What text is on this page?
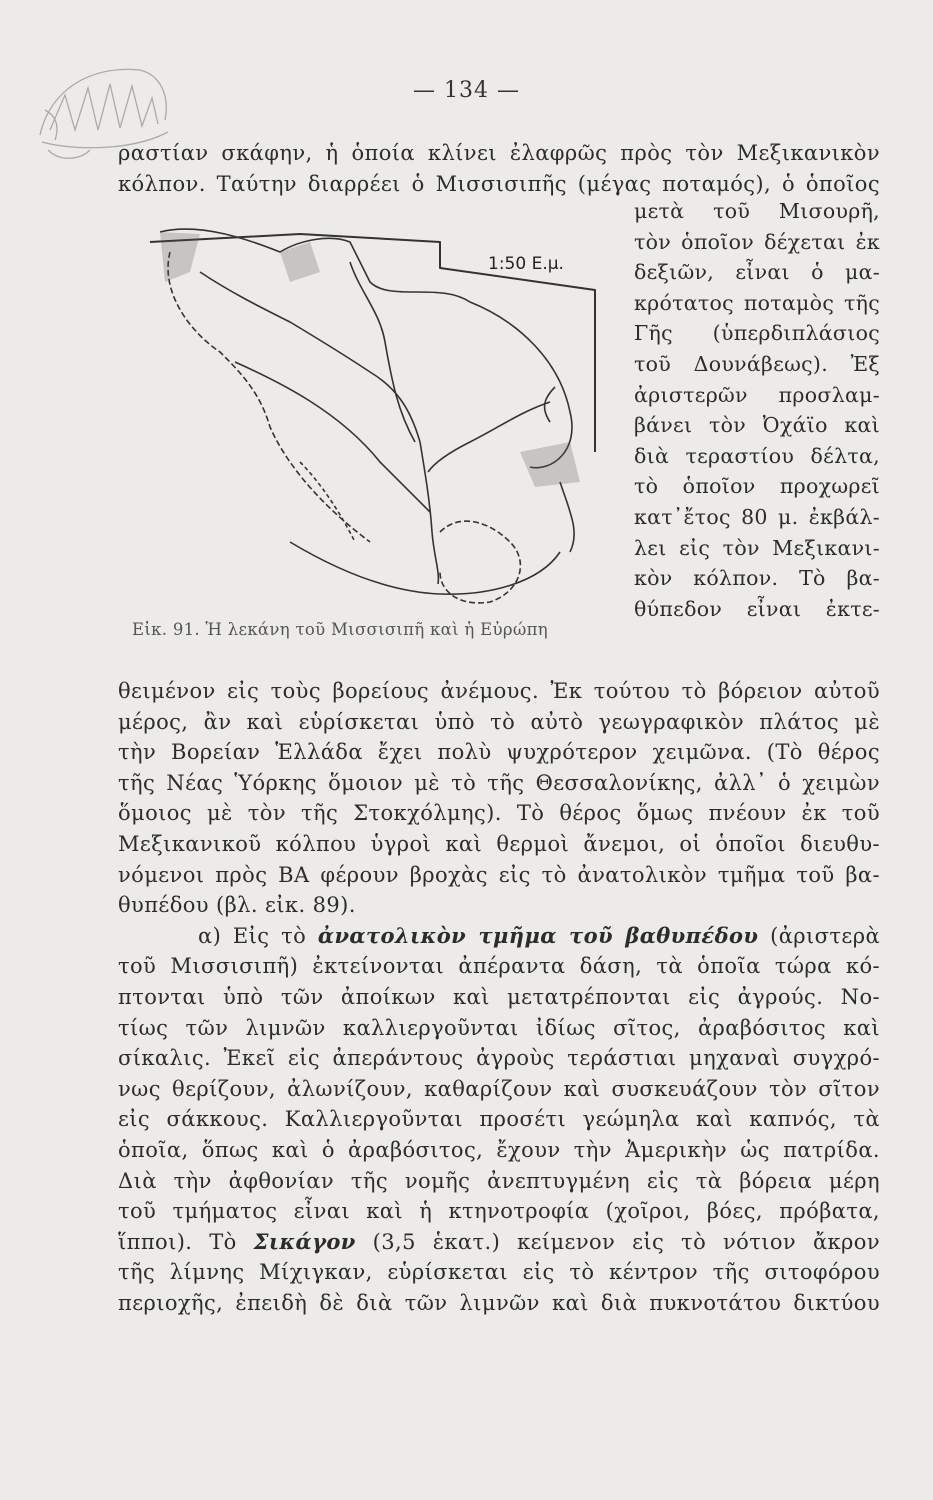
— 134 —
ραστίαν σκάφην, ἡ ὁποία κλίνει ἐλαφρῶς πρὸς τὸν Μεξικανικὸν
κόλπον. Ταύτην διαρρέει ὁ Μισσισιπῆς (μέγας ποταμός), ὁ ὁποῖος
1:50 Ε.μ.
Εἰκ. 91. Ἡ λεκάνη τοῦ Μισσισιπῆ καὶ ἡ Εὐρώπη
μετὰ τοῦ Μισουρῆ,
τὸν ὁποῖον δέχεται ἐκ
δεξιῶν, εἶναι ὁ μα-
κρότατος ποταμὸς τῆς
Γῆς (ὑπερδιπλάσιος
τοῦ Δουνάβεως). Ἐξ
ἀριστερῶν προσλαμ-
βάνει τὸν Ὀχάϊο καὶ
διὰ τεραστίου δέλτα,
τὸ ὁποῖον προχωρεῖ
κατ᾿ἔτος 80 μ. ἐκβάλ-
λει εἰς τὸν Μεξικανι-
κὸν κόλπον. Τὸ βα-
θύπεδον εἶναι ἐκτε-
θειμένον εἰς τοὺς βορείους ἀνέμους. Ἐκ τούτου τὸ βόρειον αὐτοῦ
μέρος, ἂν καὶ εὑρίσκεται ὑπὸ τὸ αὐτὸ γεωγραφικὸν πλάτος μὲ
τὴν Βορείαν Ἑλλάδα ἔχει πολὺ ψυχρότερον χειμῶνα. (Τὸ θέρος
τῆς Νέας Ὑόρκης ὅμοιον μὲ τὸ τῆς Θεσσαλονίκης, ἀλλ᾿ ὁ χειμὼν
ὅμοιος μὲ τὸν τῆς Στοκχόλμης). Τὸ θέρος ὅμως πνέουν ἐκ τοῦ
Μεξικανικοῦ κόλπου ὑγροὶ καὶ θερμοὶ ἄνεμοι, οἱ ὁποῖοι διευθυ-
νόμενοι πρὸς ΒΑ φέρουν βροχὰς εἰς τὸ ἀνατολικὸν τμῆμα τοῦ βα-
θυπέδου (βλ. εἰκ. 89).
α) Εἰς τὸ ἀνατολικὸν τμῆμα τοῦ βαθυπέδου (ἀριστερὰ
τοῦ Μισσισιπῆ) ἐκτείνονται ἀπέραντα δάση, τὰ ὁποῖα τώρα κό-
πτονται ὑπὸ τῶν ἀποίκων καὶ μετατρέπονται εἰς ἀγρούς. Νο-
τίως τῶν λιμνῶν καλλιεργοῦνται ἰδίως σῖτος, ἀραβόσιτος καὶ
σίκαλις. Ἐκεῖ εἰς ἀπεράντους ἀγροὺς τεράστιαι μηχαναὶ συγχρό-
νως θερίζουν, ἀλωνίζουν, καθαρίζουν καὶ συσκευάζουν τὸν σῖτον
εἰς σάκκους. Καλλιεργοῦνται προσέτι γεώμηλα καὶ καπνός, τὰ
ὁποῖα, ὅπως καὶ ὁ ἀραβόσιτος, ἔχουν τὴν Ἀμερικὴν ὡς πατρίδα.
Διὰ τὴν ἀφθονίαν τῆς νομῆς ἀνεπτυγμένη εἰς τὰ βόρεια μέρη
τοῦ τμήματος εἶναι καὶ ἡ κτηνοτροφία (χοῖροι, βόες, πρόβατα,
ἵπποι). Τὸ Σικάγον (3,5 ἑκατ.) κείμενον εἰς τὸ νότιον ἄκρον
τῆς λίμνης Μίχιγκαν, εὑρίσκεται εἰς τὸ κέντρον τῆς σιτοφόρου
περιοχῆς, ἐπειδὴ δὲ διὰ τῶν λιμνῶν καὶ διὰ πυκνοτάτου δικτύου
